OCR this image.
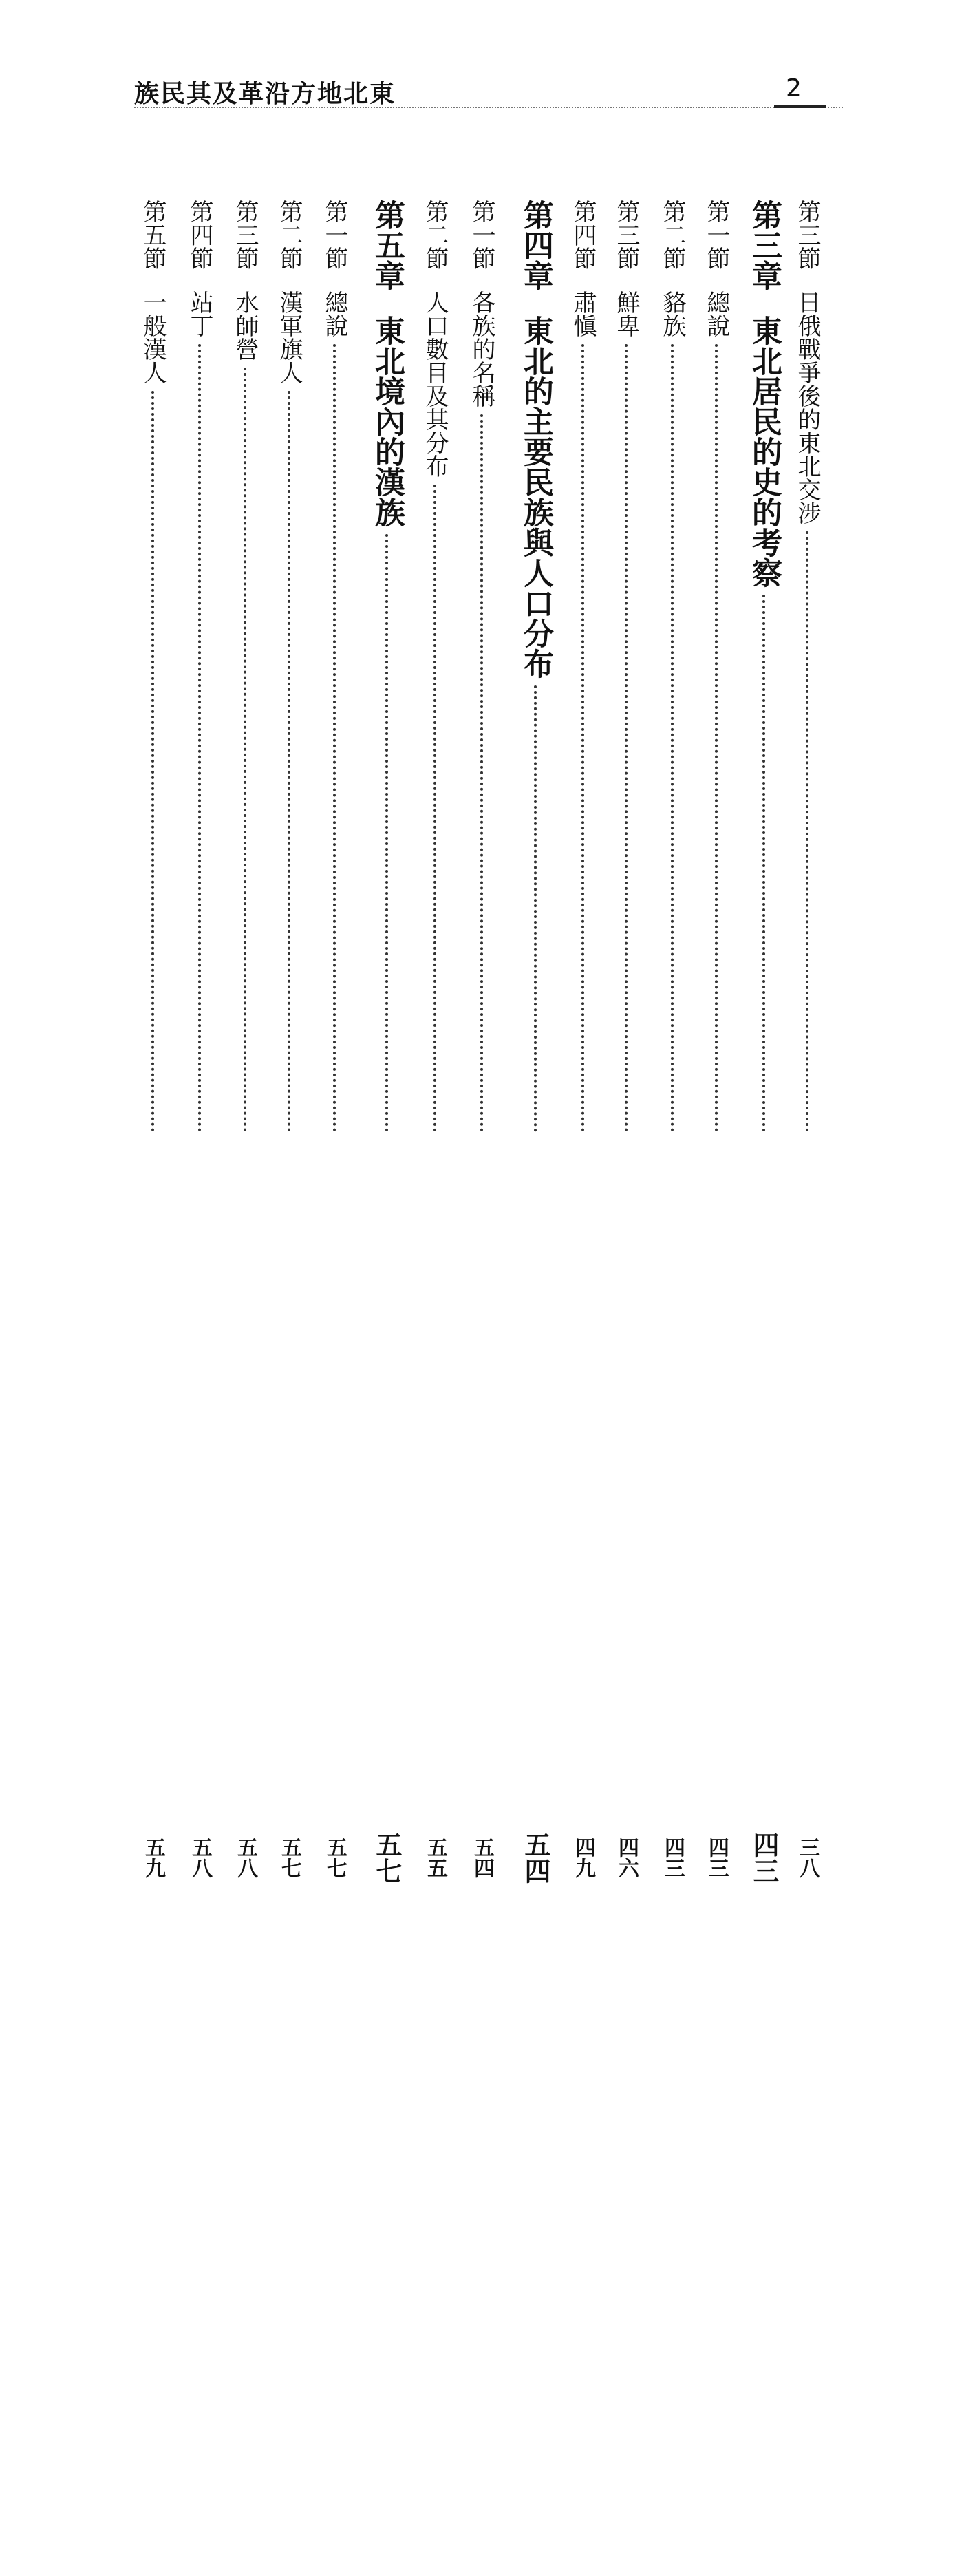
族民其及革沿方地北東	2
第三節日俄戰爭後的東北交涉
三八
第三章東北居民的史的考察
四三
第一節總說
四三
第二節貉族
四三
第三節鮮卑
四六
第四節肅愼
四九
第四章東北的主要民族與人口分布
五四
第一節各族的名稱
五四
第二節人口數目及其分布
五五
第五章東北境內的漢族
五七
第一節總說
五七
第二節漢軍旗人
五七
第三節水師營
五八
第四節站丁
五八
第五節一般漢人
五九
